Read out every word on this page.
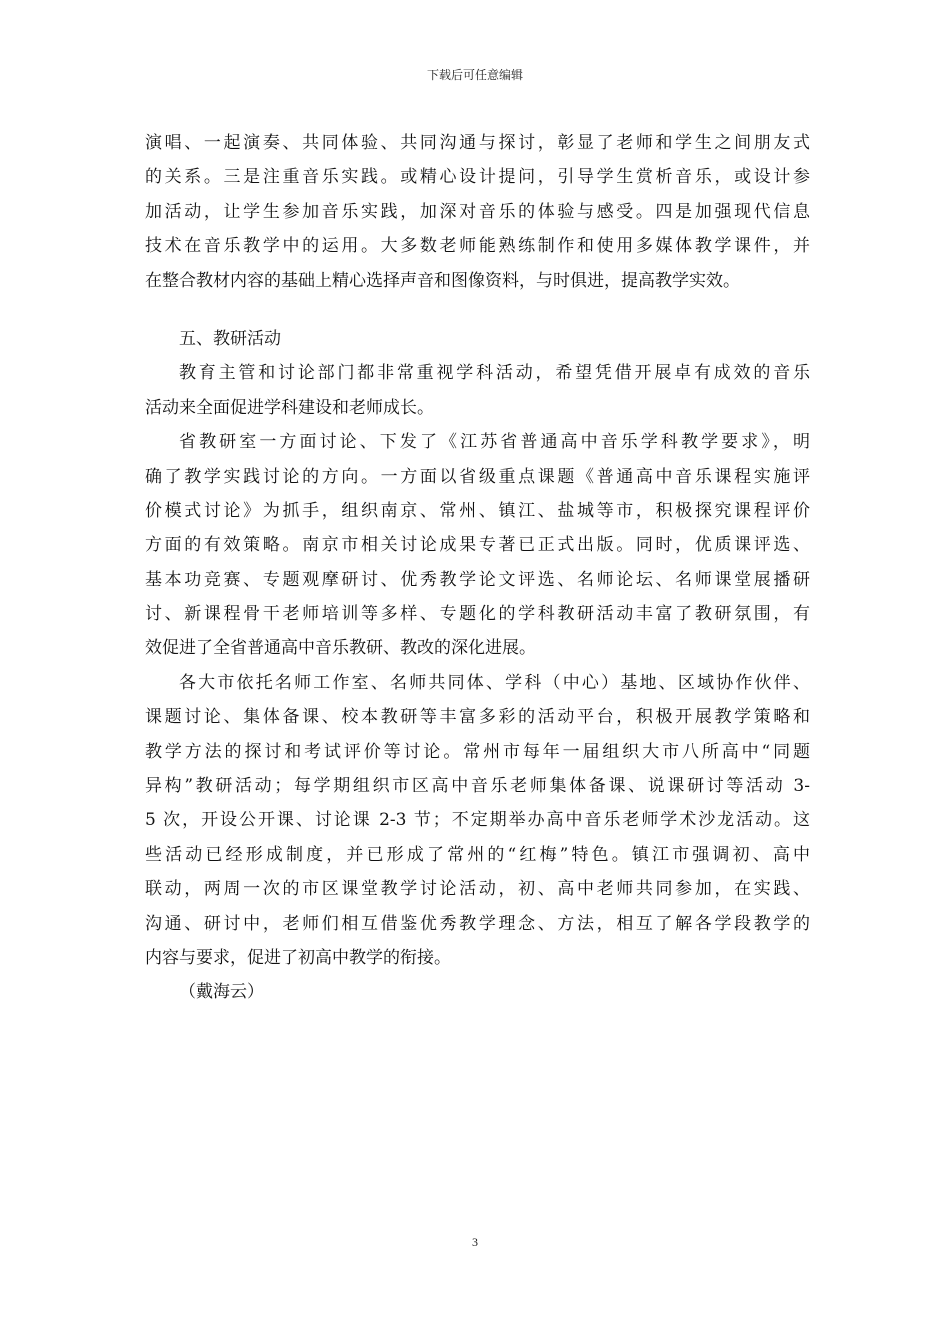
下载后可任意编辑
演唱、一起演奏、共同体验、共同沟通与探讨，彰显了老师和学生之间朋友式
的关系。三是注重音乐实践。或精心设计提问，引导学生赏析音乐，或设计参
加活动，让学生参加音乐实践，加深对音乐的体验与感受。四是加强现代信息
技术在音乐教学中的运用。大多数老师能熟练制作和使用多媒体教学课件，并
在整合教材内容的基础上精心选择声音和图像资料，与时俱进，提高教学实效。
五、教研活动
教育主管和讨论部门都非常重视学科活动，希望凭借开展卓有成效的音乐
活动来全面促进学科建设和老师成长。
省教研室一方面讨论、下发了《江苏省普通高中音乐学科教学要求》，明
确了教学实践讨论的方向。一方面以省级重点课题《普通高中音乐课程实施评
价模式讨论》为抓手，组织南京、常州、镇江、盐城等市，积极探究课程评价
方面的有效策略。南京市相关讨论成果专著已正式出版。同时，优质课评选、
基本功竞赛、专题观摩研讨、优秀教学论文评选、名师论坛、名师课堂展播研
讨、新课程骨干老师培训等多样、专题化的学科教研活动丰富了教研氛围，有
效促进了全省普通高中音乐教研、教改的深化进展。
各大市依托名师工作室、名师共同体、学科（中心）基地、区域协作伙伴、
课题讨论、集体备课、校本教研等丰富多彩的活动平台，积极开展教学策略和
教学方法的探讨和考试评价等讨论。常州市每年一届组织大市八所高中“同题
异构”教研活动；每学期组织市区高中音乐老师集体备课、说课研讨等活动 3-
5 次，开设公开课、讨论课 2-3 节；不定期举办高中音乐老师学术沙龙活动。这
些活动已经形成制度，并已形成了常州的“红梅”特色。镇江市强调初、高中
联动，两周一次的市区课堂教学讨论活动，初、高中老师共同参加，在实践、
沟通、研讨中，老师们相互借鉴优秀教学理念、方法，相互了解各学段教学的
内容与要求，促进了初高中教学的衔接。
（戴海云）
3
